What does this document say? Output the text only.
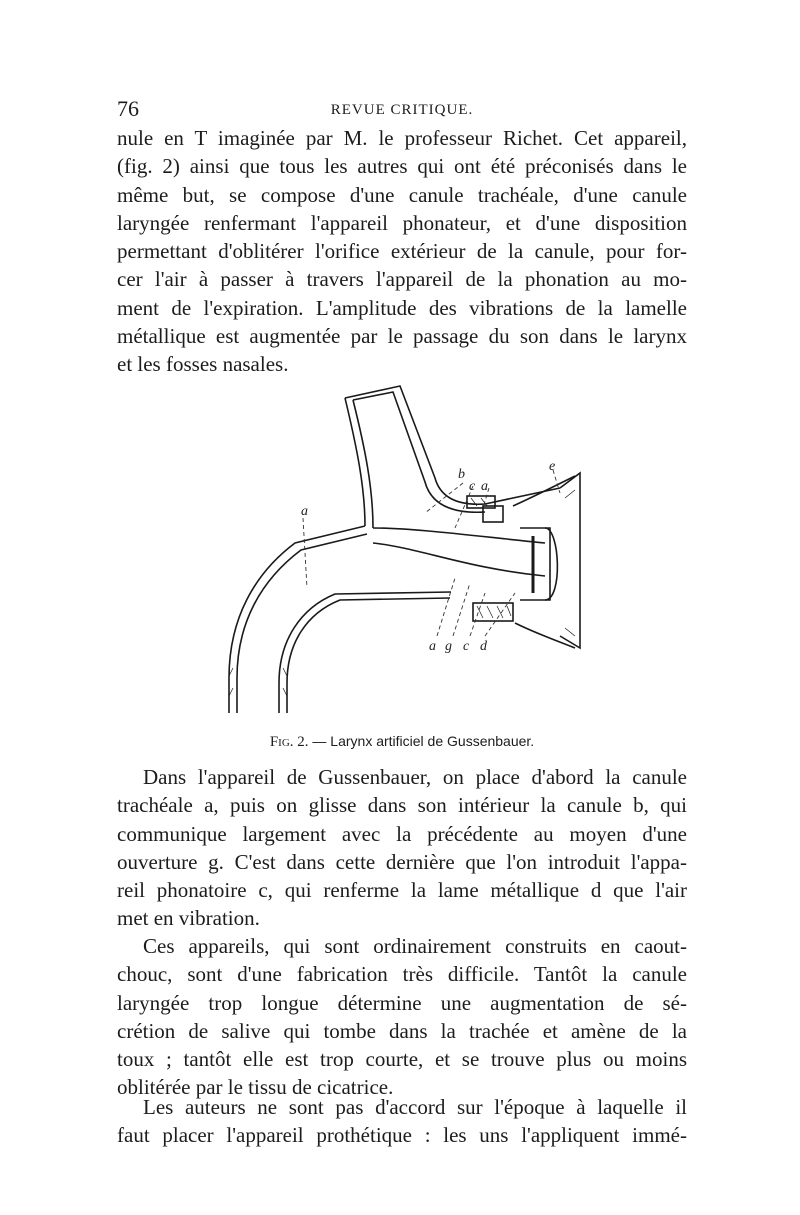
76	REVUE CRITIQUE.
nule en T imaginée par M. le professeur Richet. Cet appareil,
(fig. 2) ainsi que tous les autres qui ont été préconisés dans le
même but, se compose d'une canule trachéale, d'une canule
laryngée renfermant l'appareil phonateur, et d'une disposition
permettant d'oblitérer l'orifice extérieur de la canule, pour for-
cer l'air à passer à travers l'appareil de la phonation au mo-
ment de l'expiration. L'amplitude des vibrations de la lamelle
métallique est augmentée par le passage du son dans le larynx
et les fosses nasales.
a
b
c a
e
a g c d
Fig. 2. — Larynx artificiel de Gussenbauer.
Dans l'appareil de Gussenbauer, on place d'abord la canule
trachéale a, puis on glisse dans son intérieur la canule b, qui
communique largement avec la précédente au moyen d'une
ouverture g. C'est dans cette dernière que l'on introduit l'appa-
reil phonatoire c, qui renferme la lame métallique d que l'air
met en vibration.
Ces appareils, qui sont ordinairement construits en caout-
chouc, sont d'une fabrication très difficile. Tantôt la canule
laryngée trop longue détermine une augmentation de sé-
crétion de salive qui tombe dans la trachée et amène de la
toux ; tantôt elle est trop courte, et se trouve plus ou moins
oblitérée par le tissu de cicatrice.
Les auteurs ne sont pas d'accord sur l'époque à laquelle il
faut placer l'appareil prothétique : les uns l'appliquent immé-
